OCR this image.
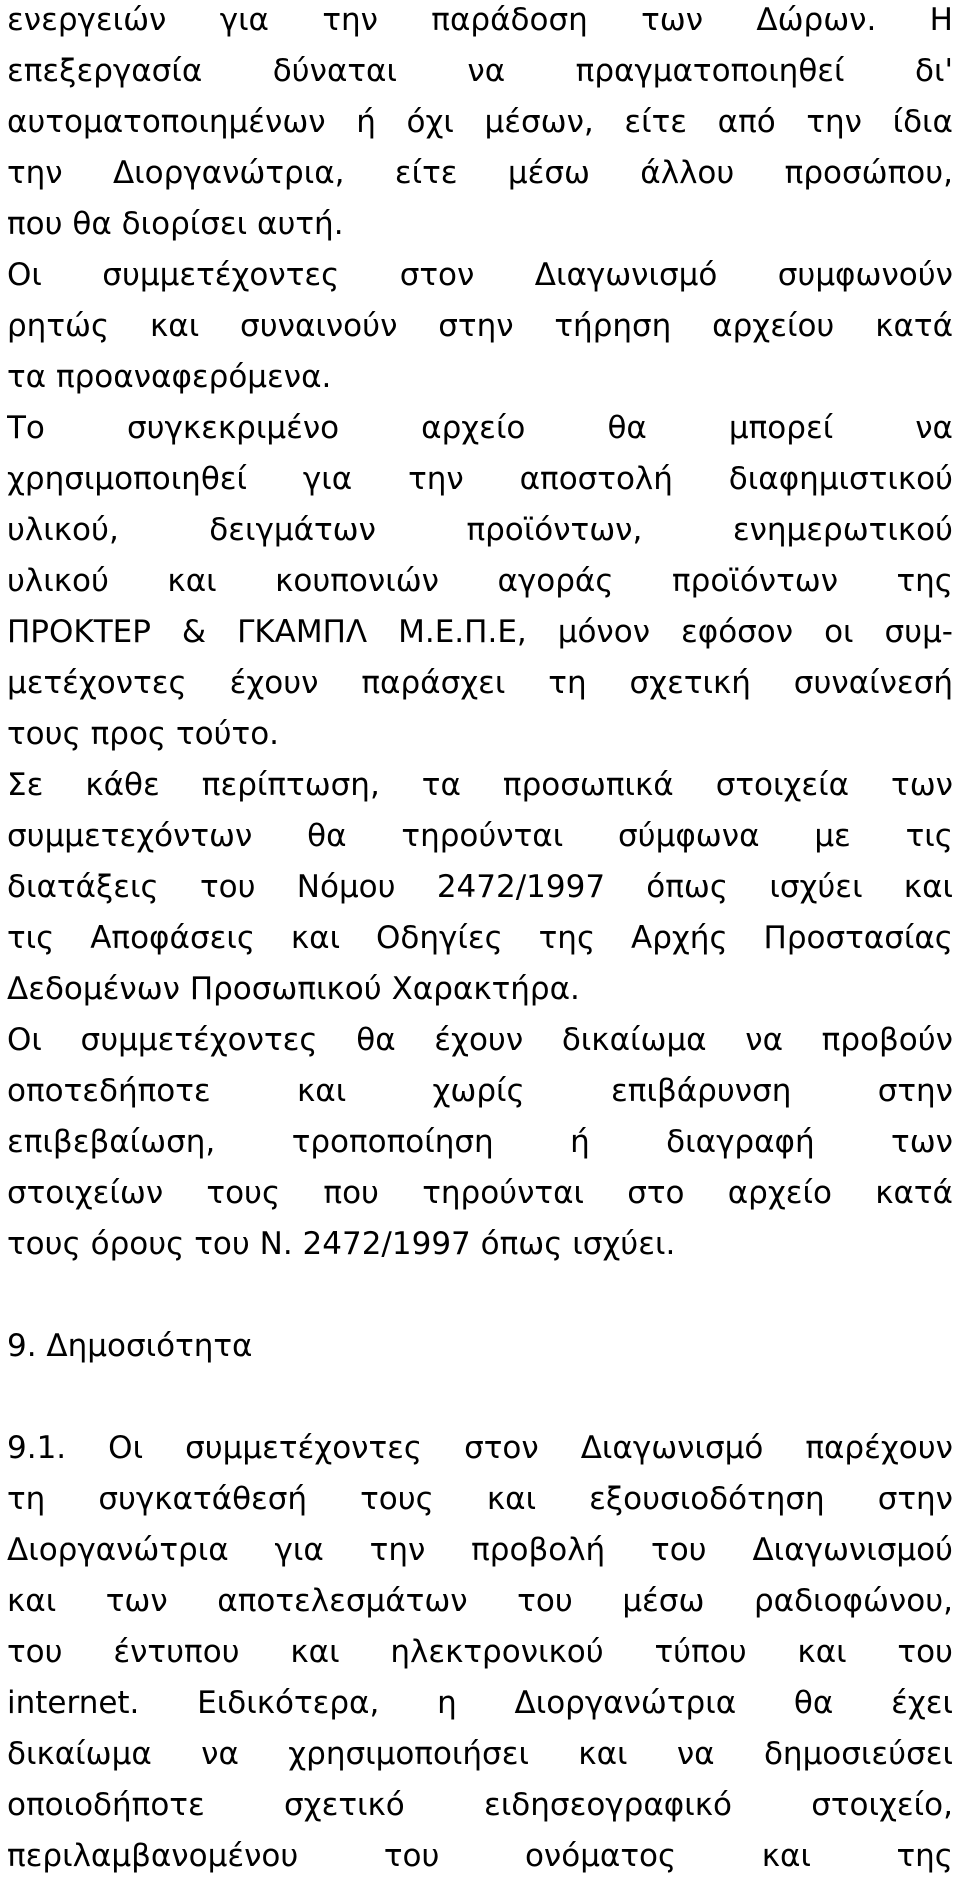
ενεργειών για την παράδοση των Δώρων. Η
επεξεργασία δύναται να πραγματοποιηθεί δι'
αυτοματοποιημένων ή όχι μέσων, είτε από την ίδια
την Διοργανώτρια, είτε μέσω άλλου προσώπου,
που θα διορίσει αυτή.
Οι συμμετέχοντες στον Διαγωνισμό συμφωνούν
ρητώς και συναινούν στην τήρηση αρχείου κατά
τα προαναφερόμενα.
Το συγκεκριμένο αρχείο θα μπορεί να
χρησιμοποιηθεί για την αποστολή διαφημιστικού
υλικού, δειγμάτων προϊόντων, ενημερωτικού
υλικού και κουπονιών αγοράς προϊόντων της
ΠΡΟΚΤΕΡ & ΓΚΑΜΠΛ Μ.Ε.Π.Ε, μόνον εφόσον οι συμ-
μετέχοντες έχουν παράσχει τη σχετική συναίνεσή
τους προς τούτο.
Σε κάθε περίπτωση, τα προσωπικά στοιχεία των
συμμετεχόντων θα τηρούνται σύμφωνα με τις
διατάξεις του Νόμου 2472/1997 όπως ισχύει και
τις Αποφάσεις και Οδηγίες της Αρχής Προστασίας
Δεδομένων Προσωπικού Χαρακτήρα.
Οι συμμετέχοντες θα έχουν δικαίωμα να προβούν
οποτεδήποτε και χωρίς επιβάρυνση στην
επιβεβαίωση, τροποποίηση ή διαγραφή των
στοιχείων τους που τηρούνται στο αρχείο κατά
τους όρους του Ν. 2472/1997 όπως ισχύει.
9. Δημοσιότητα
9.1. Οι συμμετέχοντες στον Διαγωνισμό παρέχουν
τη συγκατάθεσή τους και εξουσιοδότηση στην
Διοργανώτρια για την προβολή του Διαγωνισμού
και των αποτελεσμάτων του μέσω ραδιοφώνου,
του έντυπου και ηλεκτρονικού τύπου και του
internet. Ειδικότερα, η Διοργανώτρια θα έχει
δικαίωμα να χρησιμοποιήσει και να δημοσιεύσει
οποιοδήποτε σχετικό ειδησεογραφικό στοιχείο,
περιλαμβανομένου του ονόματος και της
